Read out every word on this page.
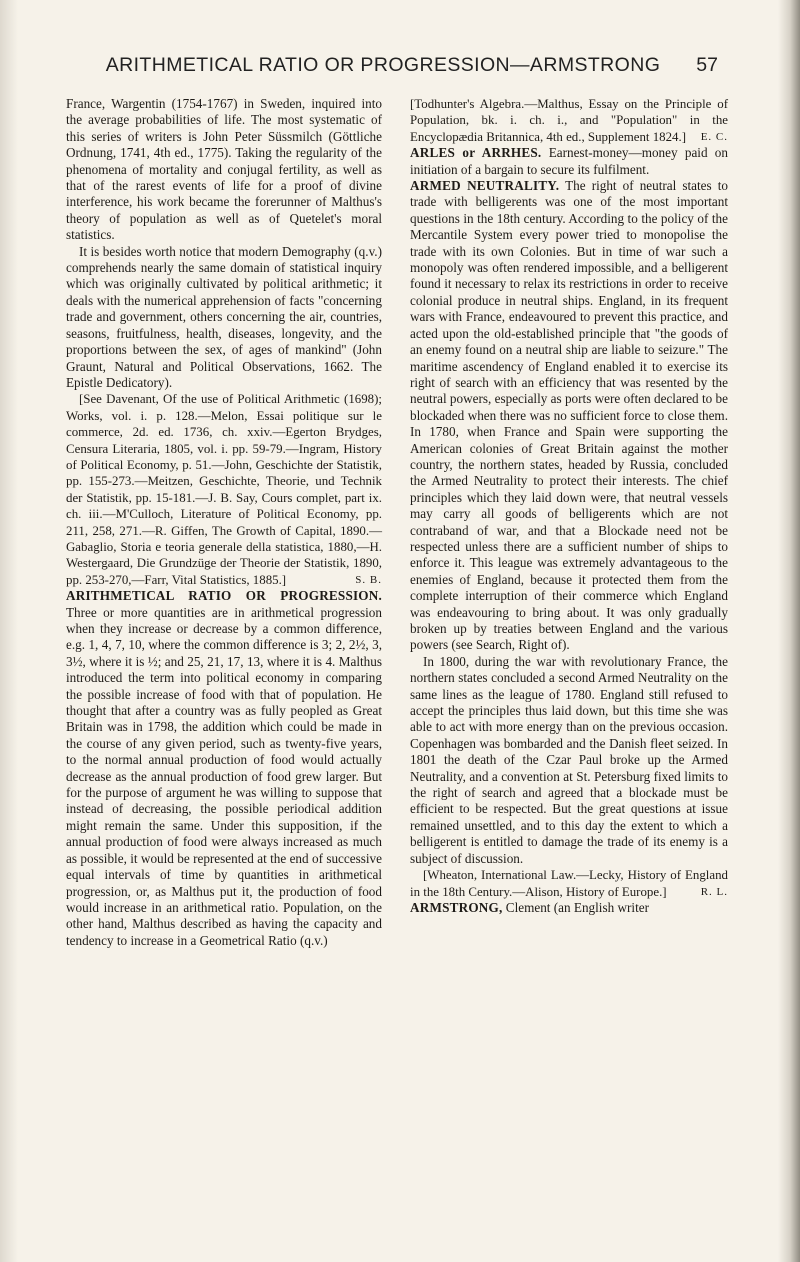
ARITHMETICAL RATIO OR PROGRESSION—ARMSTRONG	57

France, Wargentin (1754-1767) in Sweden, inquired into the average probabilities of life. The most systematic of this series of writers is John Peter Süssmilch (Göttliche Ordnung, 1741, 4th ed., 1775). Taking the regularity of the phenomena of mortality and conjugal fertility, as well as that of the rarest events of life for a proof of divine interference, his work became the forerunner of Malthus's theory of population as well as of Quetelet's moral statistics.

It is besides worth notice that modern Demography (q.v.) comprehends nearly the same domain of statistical inquiry which was originally cultivated by political arithmetic; it deals with the numerical apprehension of facts "concerning trade and government, others concerning the air, countries, seasons, fruitfulness, health, diseases, longevity, and the proportions between the sex, of ages of mankind" (John Graunt, Natural and Political Observations, 1662. The Epistle Dedicatory).

[See Davenant, Of the use of Political Arithmetic (1698); Works, vol. i. p. 128.—Melon, Essai politique sur le commerce, 2d. ed. 1736, ch. xxiv.—Egerton Brydges, Censura Literaria, 1805, vol. i. pp. 59-79.—Ingram, History of Political Economy, p. 51.—John, Geschichte der Statistik, pp. 155-273.—Meitzen, Geschichte, Theorie, und Technik der Statistik, pp. 15-181.—J. B. Say, Cours complet, part ix. ch. iii.—M'Culloch, Literature of Political Economy, pp. 211, 258, 271.—R. Giffen, The Growth of Capital, 1890.—Gabaglio, Storia e teoria generale della statistica, 1880,—H. Westergaard, Die Grundzüge der Theorie der Statistik, 1890, pp. 253-270,—Farr, Vital Statistics, 1885.]	S. B.

ARITHMETICAL RATIO OR PROGRESSION. Three or more quantities are in arithmetical progression when they increase or decrease by a common difference, e.g. 1, 4, 7, 10, where the common difference is 3; 2, 2½, 3, 3½, where it is ½; and 25, 21, 17, 13, where it is 4. Malthus introduced the term into political economy in comparing the possible increase of food with that of population. He thought that after a country was as fully peopled as Great Britain was in 1798, the addition which could be made in the course of any given period, such as twenty-five years, to the normal annual production of food would actually decrease as the annual production of food grew larger. But for the purpose of argument he was willing to suppose that instead of decreasing, the possible periodical addition might remain the same. Under this supposition, if the annual production of food were always increased as much as possible, it would be represented at the end of successive equal intervals of time by quantities in arithmetical progression, or, as Malthus put it, the production of food would increase in an arithmetical ratio. Population, on the other hand, Malthus described as having the capacity and tendency to increase in a Geometrical Ratio (q.v.)

[Todhunter's Algebra.—Malthus, Essay on the Principle of Population, bk. i. ch. i., and "Population" in the Encyclopædia Britannica, 4th ed., Supplement 1824.]	E. C.

ARLES or ARRHES. Earnest-money—money paid on initiation of a bargain to secure its fulfilment.

ARMED NEUTRALITY. The right of neutral states to trade with belligerents was one of the most important questions in the 18th century. According to the policy of the Mercantile System every power tried to monopolise the trade with its own Colonies. But in time of war such a monopoly was often rendered impossible, and a belligerent found it necessary to relax its restrictions in order to receive colonial produce in neutral ships. England, in its frequent wars with France, endeavoured to prevent this practice, and acted upon the old-established principle that "the goods of an enemy found on a neutral ship are liable to seizure." The maritime ascendency of England enabled it to exercise its right of search with an efficiency that was resented by the neutral powers, especially as ports were often declared to be blockaded when there was no sufficient force to close them. In 1780, when France and Spain were supporting the American colonies of Great Britain against the mother country, the northern states, headed by Russia, concluded the Armed Neutrality to protect their interests. The chief principles which they laid down were, that neutral vessels may carry all goods of belligerents which are not contraband of war, and that a Blockade need not be respected unless there are a sufficient number of ships to enforce it. This league was extremely advantageous to the enemies of England, because it protected them from the complete interruption of their commerce which England was endeavouring to bring about. It was only gradually broken up by treaties between England and the various powers (see Search, Right of).

In 1800, during the war with revolutionary France, the northern states concluded a second Armed Neutrality on the same lines as the league of 1780. England still refused to accept the principles thus laid down, but this time she was able to act with more energy than on the previous occasion. Copenhagen was bombarded and the Danish fleet seized. In 1801 the death of the Czar Paul broke up the Armed Neutrality, and a convention at St. Petersburg fixed limits to the right of search and agreed that a blockade must be efficient to be respected. But the great questions at issue remained unsettled, and to this day the extent to which a belligerent is entitled to damage the trade of its enemy is a subject of discussion.

[Wheaton, International Law.—Lecky, History of England in the 18th Century.—Alison, History of Europe.]	R. L.

ARMSTRONG, Clement (an English writer
